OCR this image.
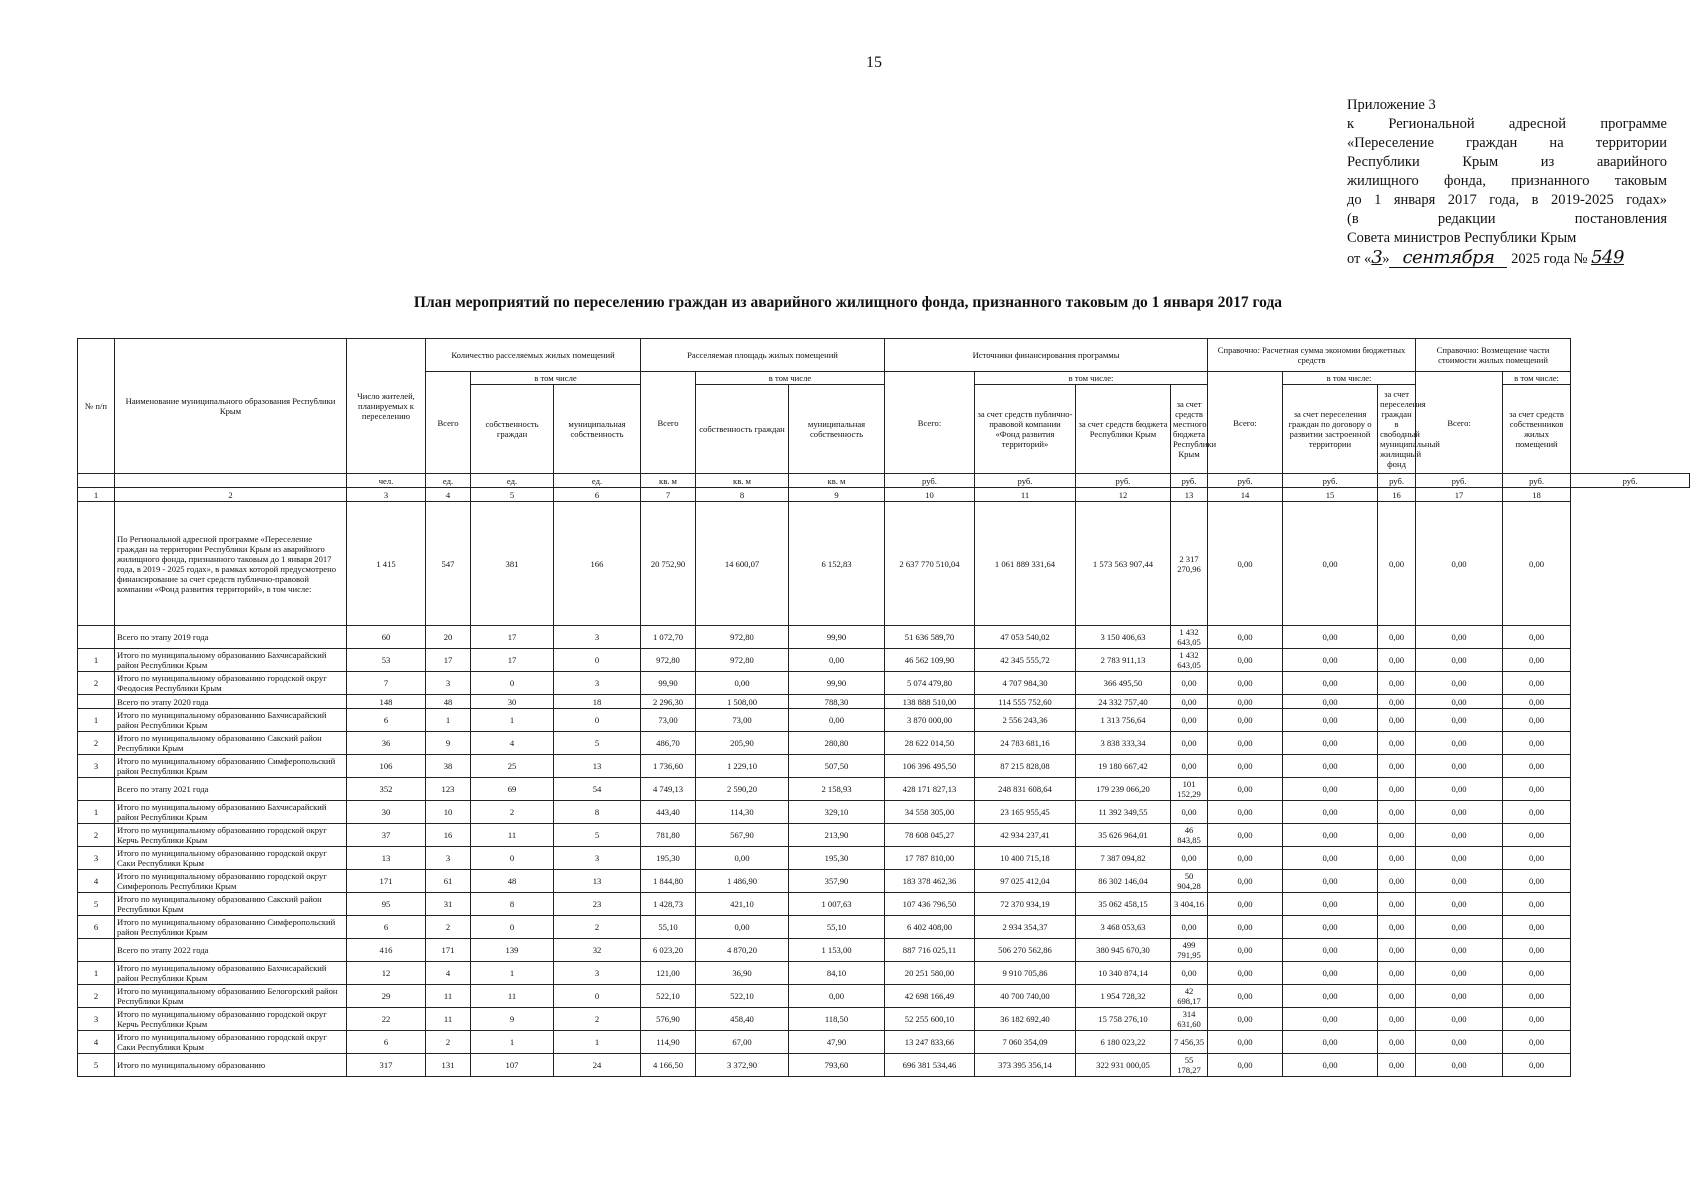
15
Приложение 3
к Региональной адресной программе
«Переселение граждан на территории
Республики Крым из аварийного
жилищного фонда, признанного таковым
до 1 января 2017 года, в 2019-2025 годах»
(в редакции постановления
Совета министров Республики Крым
от «3» сентября 2025 года № 549
План мероприятий по переселению граждан из аварийного жилищного фонда, признанного таковым до 1 января 2017 года
№ п/п	Наименование муниципального образования Республики Крым	Число жителей, планируемых к переселению	Количество расселяемых жилых помещений			Расселяемая площадь жилых помещений			Источники финансирования программы				Справочно: Расчетная сумма экономии бюджетных средств			Справочно: Возмещение части стоимости жилых помещений		
			Всего	в том числе		Всего	в том числе		Всего:	в том числе:			Всего:	в том числе:		Всего:	в том числе:	
				собственность граждан	муниципальная собственность		собственность граждан	муниципальная собственность		за счет средств публично-правовой компании «Фонд развития территорий»	за счет средств бюджета Республики Крым	за счет средств местного бюджета Республики Крым		за счет переселения граждан по договору о развитии застроенной территории	за счет переселения граждан в свободный муниципальный жилищный фонд		за счет средств собственников жилых помещений	
		чел.	ед.	ед.	ед.	кв. м	кв. м	кв. м	руб.	руб.	руб.	руб.	руб.	руб.	руб.	руб.	руб.	руб.
1	2	3	4	5	6	7	8	9	10	11	12	13	14	15	16	17	18	
	По Региональной адресной программе «Переселение граждан на территории Республики Крым из аварийного жилищного фонда, признанного таковым до 1 января 2017 года, в 2019 - 2025 годах», в рамках которой предусмотрено финансирование за счет средств публично-правовой компании «Фонд развития территорий», в том числе:	1 415	547	381	166	20 752,90	14 600,07	6 152,83	2 637 770 510,04	1 061 889 331,64	1 573 563 907,44	2 317 270,96	0,00	0,00	0,00	0,00	0,00	
	Всего по этапу 2019 года	60	20	17	3	1 072,70	972,80	99,90	51 636 589,70	47 053 540,02	3 150 406,63	1 432 643,05	0,00	0,00	0,00	0,00	0,00	
1	Итого по муниципальному образованию Бахчисарайский район Республики Крым	53	17	17	0	972,80	972,80	0,00	46 562 109,90	42 345 555,72	2 783 911,13	1 432 643,05	0,00	0,00	0,00	0,00	0,00	
2	Итого по муниципальному образованию городской округ Феодосия Республики Крым	7	3	0	3	99,90	0,00	99,90	5 074 479,80	4 707 984,30	366 495,50	0,00	0,00	0,00	0,00	0,00	0,00	
	Всего по этапу 2020 года	148	48	30	18	2 296,30	1 508,00	788,30	138 888 510,00	114 555 752,60	24 332 757,40	0,00	0,00	0,00	0,00	0,00	0,00	
1	Итого по муниципальному образованию Бахчисарайский район Республики Крым	6	1	1	0	73,00	73,00	0,00	3 870 000,00	2 556 243,36	1 313 756,64	0,00	0,00	0,00	0,00	0,00	0,00	
2	Итого по муниципальному образованию Сакский район Республики Крым	36	9	4	5	486,70	205,90	280,80	28 622 014,50	24 783 681,16	3 838 333,34	0,00	0,00	0,00	0,00	0,00	0,00	
3	Итого по муниципальному образованию Симферопольский район Республики Крым	106	38	25	13	1 736,60	1 229,10	507,50	106 396 495,50	87 215 828,08	19 180 667,42	0,00	0,00	0,00	0,00	0,00	0,00	
	Всего по этапу 2021 года	352	123	69	54	4 749,13	2 590,20	2 158,93	428 171 827,13	248 831 608,64	179 239 066,20	101 152,29	0,00	0,00	0,00	0,00	0,00	
1	Итого по муниципальному образованию Бахчисарайский район Республики Крым	30	10	2	8	443,40	114,30	329,10	34 558 305,00	23 165 955,45	11 392 349,55	0,00	0,00	0,00	0,00	0,00	0,00	
2	Итого по муниципальному образованию городской округ Керчь Республики Крым	37	16	11	5	781,80	567,90	213,90	78 608 045,27	42 934 237,41	35 626 964,01	46 843,85	0,00	0,00	0,00	0,00	0,00	
3	Итого по муниципальному образованию городской округ Саки Республики Крым	13	3	0	3	195,30	0,00	195,30	17 787 810,00	10 400 715,18	7 387 094,82	0,00	0,00	0,00	0,00	0,00	0,00	
4	Итого по муниципальному образованию городской округ Симферополь Республики Крым	171	61	48	13	1 844,80	1 486,90	357,90	183 378 462,36	97 025 412,04	86 302 146,04	50 904,28	0,00	0,00	0,00	0,00	0,00	
5	Итого по муниципальному образованию Сакский район Республики Крым	95	31	8	23	1 428,73	421,10	1 007,63	107 436 796,50	72 370 934,19	35 062 458,15	3 404,16	0,00	0,00	0,00	0,00	0,00	
6	Итого по муниципальному образованию Симферопольский район Республики Крым	6	2	0	2	55,10	0,00	55,10	6 402 408,00	2 934 354,37	3 468 053,63	0,00	0,00	0,00	0,00	0,00	0,00	
	Всего по этапу 2022 года	416	171	139	32	6 023,20	4 870,20	1 153,00	887 716 025,11	506 270 562,86	380 945 670,30	499 791,95	0,00	0,00	0,00	0,00	0,00	
1	Итого по муниципальному образованию Бахчисарайский район Республики Крым	12	4	1	3	121,00	36,90	84,10	20 251 580,00	9 910 705,86	10 340 874,14	0,00	0,00	0,00	0,00	0,00	0,00	
2	Итого по муниципальному образованию Белогорский район Республики Крым	29	11	11	0	522,10	522,10	0,00	42 698 166,49	40 700 740,00	1 954 728,32	42 698,17	0,00	0,00	0,00	0,00	0,00	
3	Итого по муниципальному образованию городской округ Керчь Республики Крым	22	11	9	2	576,90	458,40	118,50	52 255 600,10	36 182 692,40	15 758 276,10	314 631,60	0,00	0,00	0,00	0,00	0,00	
4	Итого по муниципальному образованию городской округ Саки Республики Крым	6	2	1	1	114,90	67,00	47,90	13 247 833,66	7 060 354,09	6 180 023,22	7 456,35	0,00	0,00	0,00	0,00	0,00	
5	Итого по муниципальному образованию	317	131	107	24	4 166,50	3 372,90	793,60	696 381 534,46	373 395 356,14	322 931 000,05	55 178,27	0,00	0,00	0,00	0,00	0,00	
